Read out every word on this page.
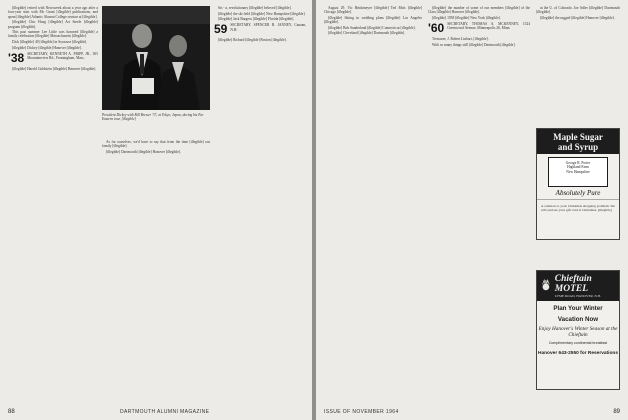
[illegible] retired with Newsweek about a year ago after a four-year stint with Mr. Grant [illegible] publications, and spent [illegible] Atlantic Alumni College session at [illegible].

[illegible] Chic Hoag [illegible] Art Steele [illegible] program [illegible].

This past summer Lee Little was honored [illegible] a family celebration [illegible] Massachusetts [illegible].

Dick [illegible] 40 [illegible] in Syracuse [illegible].

[illegible] Dickey [illegible] Hanover [illegible].

'38 SECRETARY, KENNETH A. FRIPP, JR., 305 Mountainview Rd., Framingham, Mass.

[illegible] Harold Goldstein [illegible] Hanover [illegible].

President Dickey with Bill Brewer '37, at Tokyo, Japan, during his Far Eastern tour. [illegible]

As for ourselves, we'd have to say that from the time [illegible] our family [illegible].

[illegible] Dartmouth [illegible] Hanover [illegible].

Sis - a, revolutionary [illegible] beloved [illegible].

[illegible] the ski field [illegible] New Hampshire [illegible].

[illegible] Jack Burgess [illegible] Florida [illegible].

59 SECRETARY, SPENCER R. JANNEY, Canaan, N.H.

[illegible] Richard [illegible] Boston [illegible].

88	DARTMOUTH ALUMNI MAGAZINE

August 29. Vic Brinkmeyer [illegible] Ted Mott [illegible] Chicago [illegible].

[illegible] Skiing in wedding plans [illegible] Los Angeles [illegible].

[illegible] Bob Sunderland [illegible] Connecticut [illegible].

[illegible] Cleveland [illegible] Dartmouth [illegible].

[illegible] the number of some of our members [illegible] of the Class [illegible] Hanover [illegible].

[illegible] 1958 [illegible] New York [illegible].

'60 SECRETARY, THOMAS A. MCKENNEY, 1524 Greenwood Avenue, Minneapolis 26, Minn.

Treasurer, J. Robert Linhart, [illegible].

With so many things still [illegible] Dartmouth [illegible].

at the U. of Colorado. Joe Adler [illegible] Dartmouth [illegible].

[illegible] the rugged [illegible] Hanover [illegible].

Maple Sugar
and Syrup
George R. Porter
Highland Farm
New Hampshire
Absolutely Pure
A solution to your Christmas shopping problem. We will enclose your gift card at Christmas. [illegible]
Chieftain MOTEL
LYME ROAD, HANOVER, N.H.
Plan Your Winter
Vacation Now
Enjoy Hanover's Winter Season at the Chieftain
Complimentary continental breakfast
Hanover 643-2550 for Reservations
ISSUE OF NOVEMBER 1964	89
